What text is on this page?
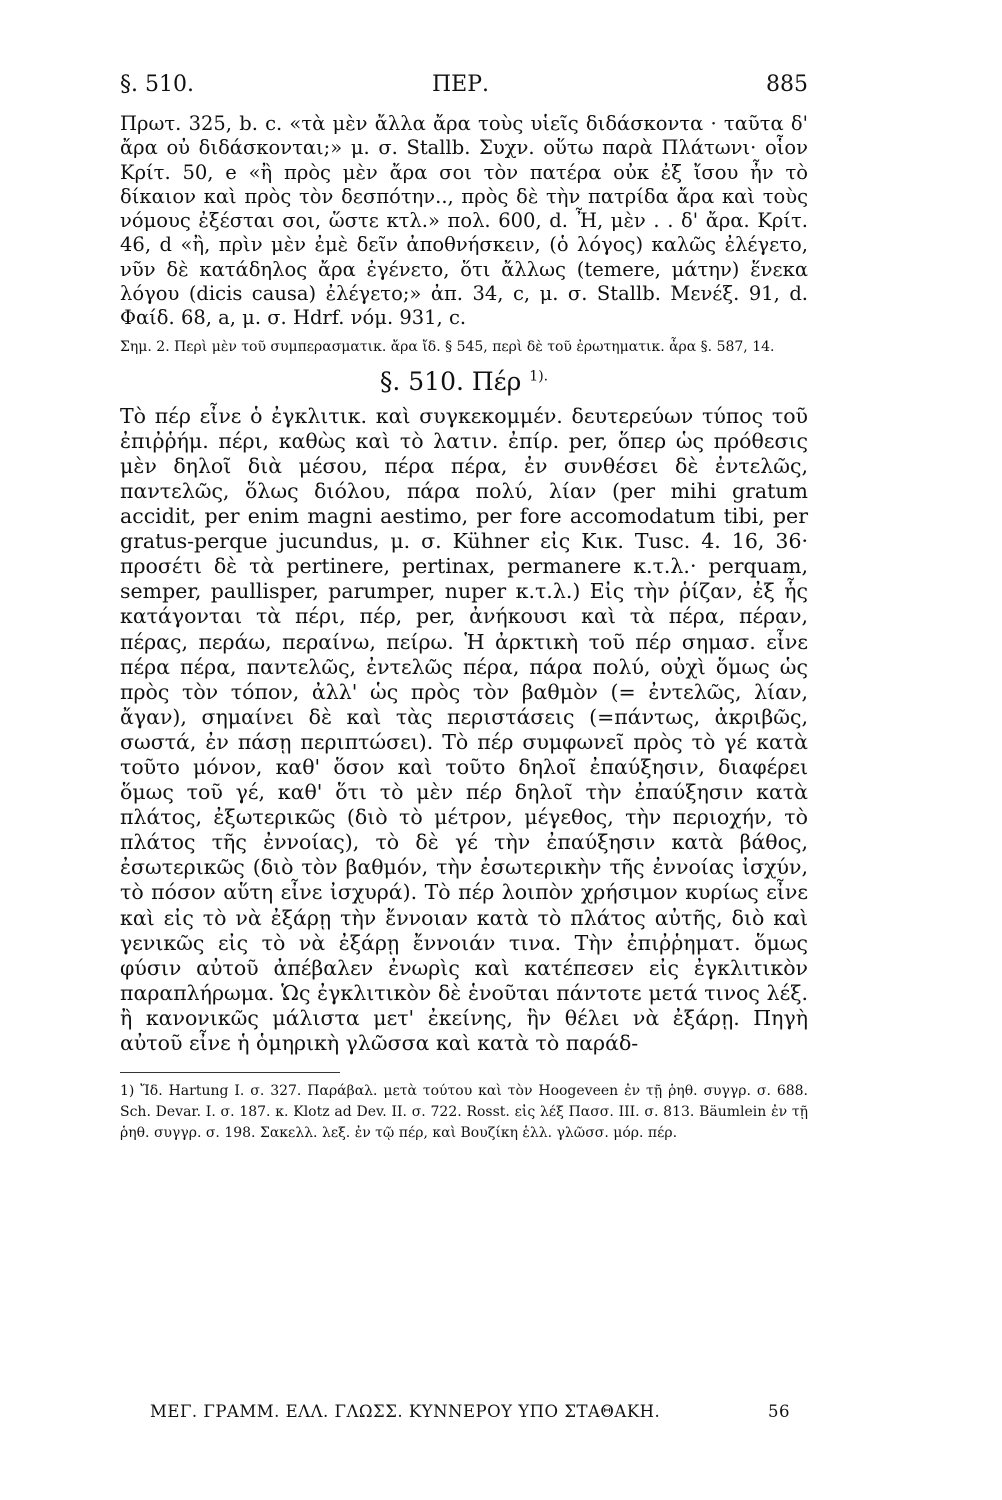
§. 510.	ΠΕΡ.	885

Πρωτ. 325, b. c. «τὰ μὲν ἄλλα ἄρα τοὺς υἱεῖς διδάσκοντα · ταῦτα δ' ἄρα οὐ διδάσκονται;» μ. σ. Stallb. Συχν. οὕτω παρὰ Πλάτωνι· οἷον Κρίτ. 50, e «ἢ πρὸς μὲν ἄρα σοι τὸν πατέρα οὐκ ἐξ ἴσου ἦν τὸ δίκαιον καὶ πρὸς τὸν δεσπότην.., πρὸς δὲ τὴν πατρίδα ἄρα καὶ τοὺς νόμους ἐξέσται σοι, ὥστε κτλ.» πολ. 600, d. Ἦ, μὲν . . δ' ἄρα. Κρίτ. 46, d «ἢ, πρὶν μὲν ἐμὲ δεῖν ἀποθνήσκειν, (ὁ λόγος) καλῶς ἐλέγετο, νῦν δὲ κατάδηλος ἄρα ἐγένετο, ὅτι ἄλλως (temere, μάτην) ἕνεκα λόγου (dicis causa) ἐλέγετο;» ἀπ. 34, c, μ. σ. Stallb. Μενέξ. 91, d. Φαίδ. 68, a, μ. σ. Hdrf. νόμ. 931, c.

Σημ. 2. Περὶ μὲν τοῦ συμπερασματικ. ἄρα ἴδ. § 545, περὶ δὲ τοῦ ἐρωτηματικ. ἆρα §. 587, 14.

§. 510. Πέρ $^{1).}$

Τὸ πέρ εἶνε ὁ ἐγκλιτικ. καὶ συγκεκομμέν. δευτερεύων τύπος τοῦ ἐπιῤῥήμ. πέρι, καθὼς καὶ τὸ λατιν. ἐπίρ. per, ὅπερ ὡς πρόθεσις μὲν δηλοῖ διὰ μέσου, πέρα πέρα, ἐν συνθέσει δὲ ἐντελῶς, παντελῶς, ὅλως διόλου, πάρα πολύ, λίαν (per mihi gratum accidit, per enim magni aestimo, per fore accomodatum tibi, per gratus-perque jucundus, μ. σ. Kühner εἰς Κικ. Tusc. 4. 16, 36· προσέτι δὲ τὰ pertinere, pertinax, permanere κ.τ.λ.· perquam, semper, paullisper, parumper, nuper κ.τ.λ.) Εἰς τὴν ῥίζαν, ἐξ ἧς κατάγονται τὰ πέρι, πέρ, per, ἀνήκουσι καὶ τὰ πέρα, πέραν, πέρας, περάω, περαίνω, πείρω. Ἡ ἀρκτικὴ τοῦ πέρ σημασ. εἶνε πέρα πέρα, παντελῶς, ἐντελῶς πέρα, πάρα πολύ, οὐχὶ ὅμως ὡς πρὸς τὸν τόπον, ἀλλ' ὡς πρὸς τὸν βαθμὸν (= ἐντελῶς, λίαν, ἄγαν), σημαίνει δὲ καὶ τὰς περιστάσεις (=πάντως, ἀκριβῶς, σωστά, ἐν πάσῃ περιπτώσει). Τὸ πέρ συμφωνεῖ πρὸς τὸ γέ κατὰ τοῦτο μόνον, καθ' ὅσον καὶ τοῦτο δηλοῖ ἐπαύξησιν, διαφέρει ὅμως τοῦ γέ, καθ' ὅτι τὸ μὲν πέρ δηλοῖ τὴν ἐπαύξησιν κατὰ πλάτος, ἐξωτερικῶς (διὸ τὸ μέτρον, μέγεθος, τὴν περιοχήν, τὸ πλάτος τῆς ἐννοίας), τὸ δὲ γέ τὴν ἐπαύξησιν κατὰ βάθος, ἐσωτερικῶς (διὸ τὸν βαθμόν, τὴν ἐσωτερικὴν τῆς ἐννοίας ἰσχύν, τὸ πόσον αὕτη εἶνε ἰσχυρά). Τὸ πέρ λοιπὸν χρήσιμον κυρίως εἶνε καὶ εἰς τὸ νὰ ἐξάρῃ τὴν ἔννοιαν κατὰ τὸ πλάτος αὐτῆς, διὸ καὶ γενικῶς εἰς τὸ νὰ ἐξάρῃ ἔννοιάν τινα. Τὴν ἐπιῤῥηματ. ὅμως φύσιν αὐτοῦ ἀπέβαλεν ἐνωρὶς καὶ κατέπεσεν εἰς ἐγκλιτικὸν παραπλήρωμα. Ὡς ἐγκλιτικὸν δὲ ἑνοῦται πάντοτε μετά τινος λέξ. ἢ κανονικῶς μάλιστα μετ' ἐκείνης, ἣν θέλει νὰ ἐξάρῃ. Πηγὴ αὐτοῦ εἶνε ἡ ὁμηρικὴ γλῶσσα καὶ κατὰ τὸ παράδ-

1) Ἴδ. Hartung I. σ. 327. Παράβαλ. μετὰ τούτου καὶ τὸν Hoogeveen ἐν τῇ ῥηθ. συγγρ. σ. 688. Sch. Devar. I. σ. 187. κ. Klotz ad Dev. II. σ. 722. Rosst. εἰς λέξ Πασσ. III. σ. 813. Bäumlein ἐν τῇ ῥηθ. συγγρ. σ. 198. Σακελλ. λεξ. ἐν τῷ πέρ, καὶ Βουζίκη ἑλλ. γλῶσσ. μόρ. πέρ.

ΜΕΓ. ΓΡΑΜΜ. ΕΛΛ. ΓΛΩΣΣ. ΚΥΝΝΕΡΟΥ ΥΠΟ ΣΤΑΘΑΚΗ.	56
